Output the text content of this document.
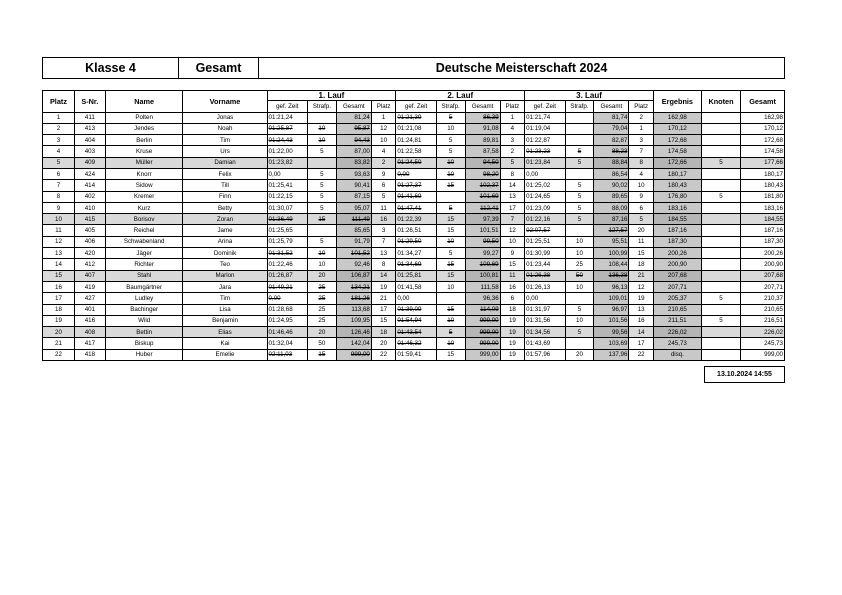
Klasse 4	Gesamt	Deutsche Meisterschaft 2024
Platz	S-Nr.	Name	Vorname	1. Lauf				2. Lauf				3. Lauf				Ergebnis	Knoten	Gesamt
				gef. Zeit	Strafp.	Gesamt	Platz	gef. Zeit	Strafp.	Gesamt	Platz	gef. Zeit	Strafp.	Gesamt	Platz			
1	411	Polten	Jonas	01:21,24		81,24	1	01:21,39	5	86,39	1	01:21,74		81,74	2	162,98		162,98
2	413	Jendes	Noah	01:25,87	10	95,87	12	01:21,08	10	91,08	4	01:19,04		79,04	1	170,12		170,12
3	404	Berlin	Tim	01:24,43	10	94,43	10	01:24,81	5	89,81	3	01:22,87		82,87	3	172,68		172,68
4	403	Kruse	Urs	01:22,00	5	87,00	4	01:22,58	5	87,58	2	01:23,23	5	88,23	7	174,58		174,58
5	409	Müller	Damian	01:23,82		83,82	2	01:24,50	10	94,50	5	01:23,84	5	88,84	8	172,66	5	177,66
6	424	Knorr	Felix	0,00	5	93,63	9	0,00	10	98,20	8	0,00		86,54	4	180,17		180,17
7	414	Sidow	Till	01:25,41	5	90,41	6	01:27,37	15	102,37	14	01:25,02	5	90,02	10	180,43		180,43
8	402	Kremer	Finn	01:22,15	5	87,15	5	01:41,69		101,69	13	01:24,65	5	89,65	9	176,80	5	181,80
9	410	Kurz	Betty	01:30,07	5	95,07	11	01:47,41	5	112,41	17	01:23,09	5	88,09	6	183,16		183,16
10	415	Borisov	Zoran	01:36,49	15	111,49	16	01:22,39	15	97,39	7	01:22,16	5	87,16	5	184,55		184,55
11	405	Reichel	Jame	01:25,65		85,65	3	01:26,51	15	101,51	12	02:07,57		127,57	20	187,16		187,16
12	406	Schwabenland	Arina	01:25,79	5	91,79	7	01:29,50	10	99,50	10	01:25,51	10	95,51	11	187,30		187,30
13	420	Jäger	Dominik	01:31,52	10	101,52	13	01:34,27	5	99,27	9	01:30,99	10	100,99	15	200,26		200,26
14	412	Richter	Teo	01:22,46	10	92,46	8	01:34,69	15	109,69	15	01:23,44	25	108,44	18	200,90		200,90
15	407	Stahl	Marlon	01:26,87	20	106,87	14	01:25,81	15	100,81	11	01:26,38	50	136,38	21	207,68		207,68
16	419	Baumgärtner	Jara	01:49,21	25	134,21	19	01:41,58	10	111,58	16	01:26,13	10	96,13	12	207,71		207,71
17	427	Ludley	Tim	0,00	25	181,26	21	0,00		96,36	6	0,00		109,01	19	205,37	5	210,37
18	401	Bachinger	Lisa	01:28,68	25	113,68	17	01:39,09	15	114,09	18	01:31,97	5	96,97	13	210,65		210,65
19	416	Wild	Benjamin	01:24,95	25	109,95	15	01:54,94	10	999,00	19	01:31,56	10	101,56	16	211,51	5	216,51
20	408	Bettin	Elias	01:46,46	20	126,46	18	01:43,54	5	999,00	19	01:34,56	5	99,56	14	226,02		226,02
21	417	Biskup	Kai	01:32,04	50	142,04	20	01:46,32	10	999,00	19	01:43,69		103,69	17	245,73		245,73
22	418	Huber	Emelie	02:11,03	15	999,00	22	01:59,41	15	999,00	19	01:57,96	20	137,96	22	disq.		999,00
13.10.2024 14:55
